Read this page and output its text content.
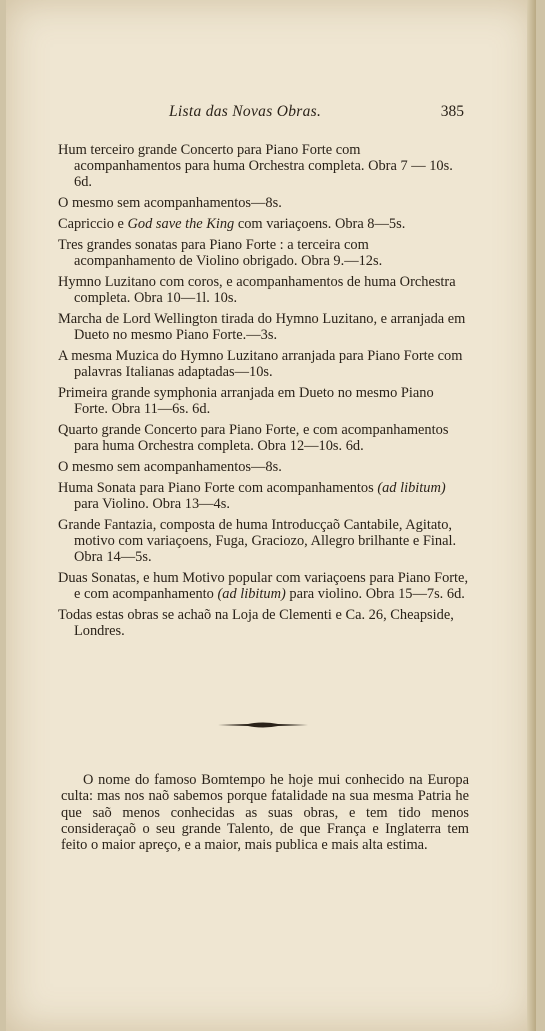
Lista das Novas Obras.	385
Hum terceiro grande Concerto para Piano Forte com acompanhamentos para huma Orchestra completa. Obra 7 — 10s. 6d.
O mesmo sem acompanhamentos—8s.
Capriccio e God save the King com variaçoens. Obra 8—5s.
Tres grandes sonatas para Piano Forte : a terceira com acompanhamento de Violino obrigado. Obra 9.—12s.
Hymno Luzitano com coros, e acompanhamentos de huma Orchestra completa. Obra 10—1l. 10s.
Marcha de Lord Wellington tirada do Hymno Luzitano, e arranjada em Dueto no mesmo Piano Forte.—3s.
A mesma Muzica do Hymno Luzitano arranjada para Piano Forte com palavras Italianas adaptadas—10s.
Primeira grande symphonia arranjada em Dueto no mesmo Piano Forte. Obra 11—6s. 6d.
Quarto grande Concerto para Piano Forte, e com acompanhamentos para huma Orchestra completa. Obra 12—10s. 6d.
O mesmo sem acompanhamentos—8s.
Huma Sonata para Piano Forte com acompanhamentos (ad libitum) para Violino. Obra 13—4s.
Grande Fantazia, composta de huma Introducçaõ Cantabile, Agitato, motivo com variaçoens, Fuga, Graciozo, Allegro brilhante e Final. Obra 14—5s.
Duas Sonatas, e hum Motivo popular com variaçoens para Piano Forte, e com acompanhamento (ad libitum) para violino. Obra 15—7s. 6d.
Todas estas obras se achaõ na Loja de Clementi e Ca. 26, Cheapside, Londres.

O nome do famoso Bomtempo he hoje mui conhecido na Europa culta: mas nos naõ sabemos porque fatalidade na sua mesma Patria he que saõ menos conhecidas as suas obras, e tem tido menos consideraçaõ o seu grande Talento, de que França e Inglaterra tem feito o maior apreço, e a maior, mais publica e mais alta estima.
